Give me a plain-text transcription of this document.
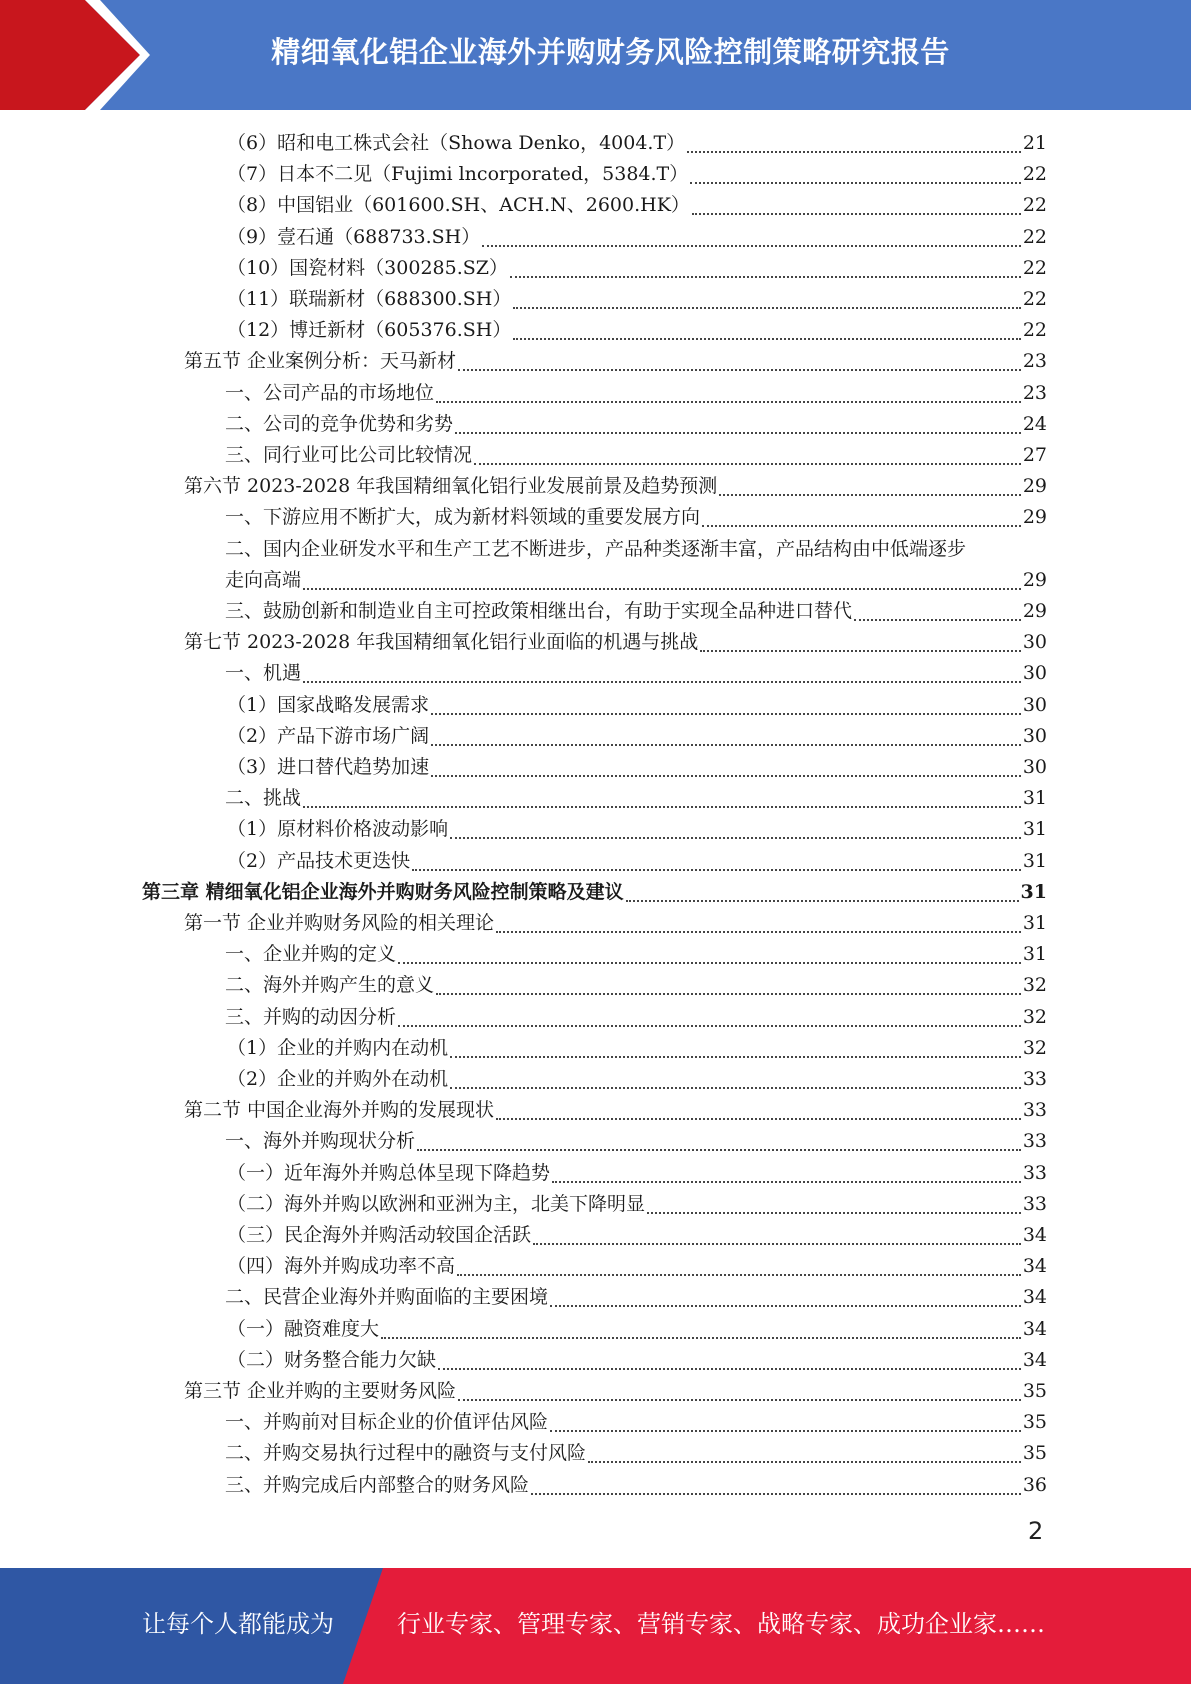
精细氧化铝企业海外并购财务风险控制策略研究报告
（6）昭和电工株式会社（Showa Denko，4004.T）	21
（7）日本不二见（Fujimi lncorporated，5384.T）	22
（8）中国铝业（601600.SH、ACH.N、2600.HK）	22
（9）壹石通（688733.SH）	22
（10）国瓷材料（300285.SZ）	22
（11）联瑞新材（688300.SH）	22
（12）博迁新材（605376.SH）	22
第五节 企业案例分析：天马新材	23
一、公司产品的市场地位	23
二、公司的竞争优势和劣势	24
三、同行业可比公司比较情况	27
第六节 2023-2028 年我国精细氧化铝行业发展前景及趋势预测	29
一、下游应用不断扩大，成为新材料领域的重要发展方向	29
二、国内企业研发水平和生产工艺不断进步，产品种类逐渐丰富，产品结构由中低端逐步
走向高端	29
三、鼓励创新和制造业自主可控政策相继出台，有助于实现全品种进口替代	29
第七节 2023-2028 年我国精细氧化铝行业面临的机遇与挑战	30
一、机遇	30
（1）国家战略发展需求	30
（2）产品下游市场广阔	30
（3）进口替代趋势加速	30
二、挑战	31
（1）原材料价格波动影响	31
（2）产品技术更迭快	31
第三章 精细氧化铝企业海外并购财务风险控制策略及建议	31
第一节 企业并购财务风险的相关理论	31
一、企业并购的定义	31
二、海外并购产生的意义	32
三、并购的动因分析	32
（1）企业的并购内在动机	32
（2）企业的并购外在动机	33
第二节 中国企业海外并购的发展现状	33
一、海外并购现状分析	33
（一）近年海外并购总体呈现下降趋势	33
（二）海外并购以欧洲和亚洲为主，北美下降明显	33
（三）民企海外并购活动较国企活跃	34
（四）海外并购成功率不高	34
二、民营企业海外并购面临的主要困境	34
（一）融资难度大	34
（二）财务整合能力欠缺	34
第三节 企业并购的主要财务风险	35
一、并购前对目标企业的价值评估风险	35
二、并购交易执行过程中的融资与支付风险	35
三、并购完成后内部整合的财务风险	36
2
让每个人都能成为	行业专家、管理专家、营销专家、战略专家、成功企业家……
